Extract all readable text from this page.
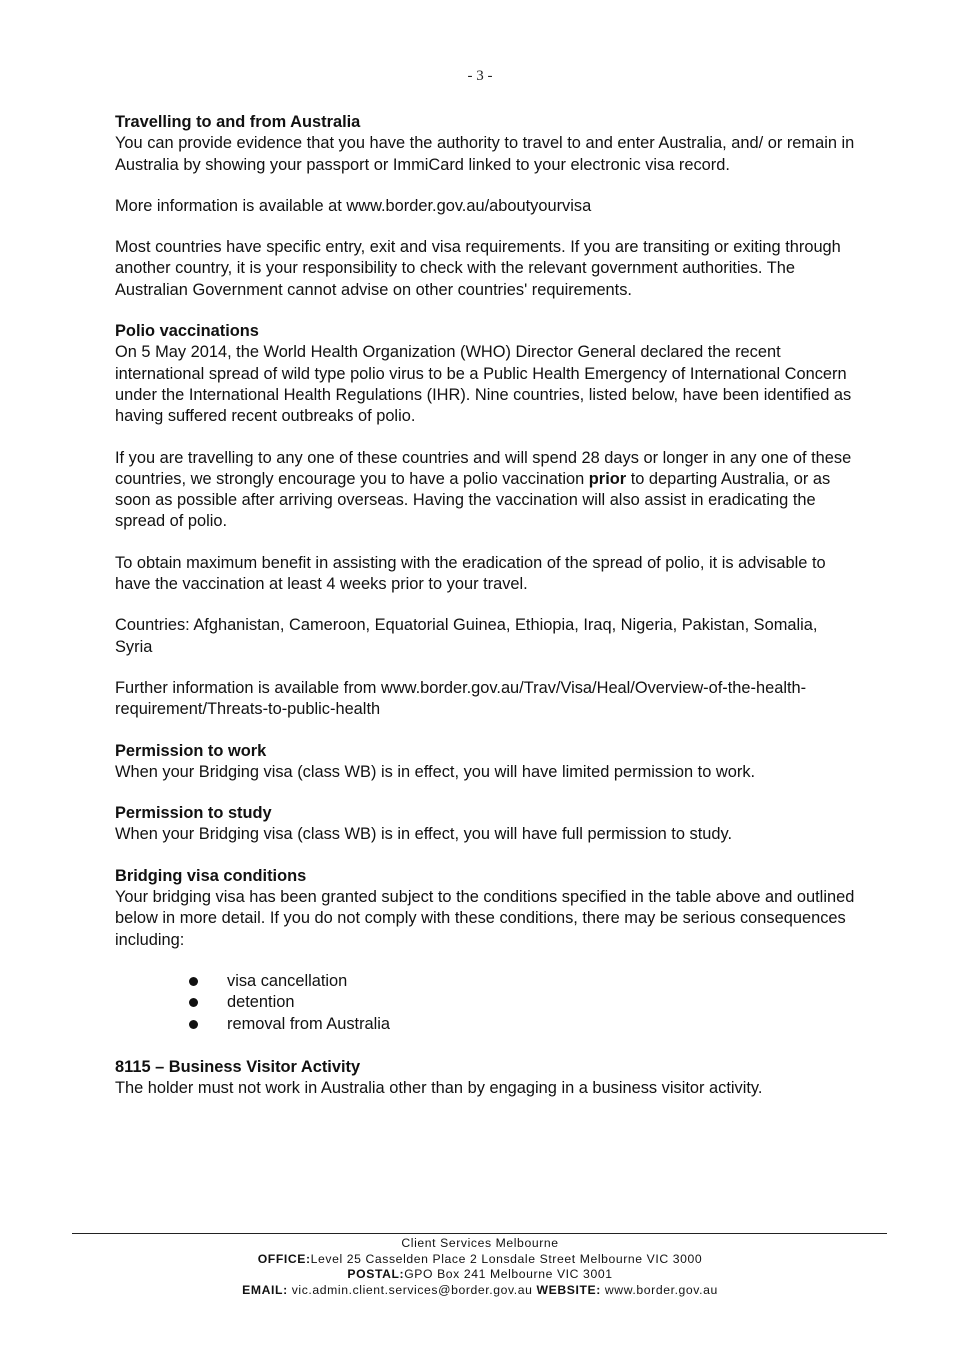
- 3 -
Travelling to and from Australia

You can provide evidence that you have the authority to travel to and enter Australia, and/ or remain in Australia by showing your passport or ImmiCard linked to your electronic visa record.

More information is available at www.border.gov.au/aboutyourvisa

Most countries have specific entry, exit and visa requirements. If you are transiting or exiting through another country, it is your responsibility to check with the relevant government authorities. The Australian Government cannot advise on other countries' requirements.

Polio vaccinations

On 5 May 2014, the World Health Organization (WHO) Director General declared the recent international spread of wild type polio virus to be a Public Health Emergency of International Concern under the International Health Regulations (IHR). Nine countries, listed below, have been identified as having suffered recent outbreaks of polio.

If you are travelling to any one of these countries and will spend 28 days or longer in any one of these countries, we strongly encourage you to have a polio vaccination prior to departing Australia, or as soon as possible after arriving overseas. Having the vaccination will also assist in eradicating the spread of polio.

To obtain maximum benefit in assisting with the eradication of the spread of polio, it is advisable to have the vaccination at least 4 weeks prior to your travel.

Countries: Afghanistan, Cameroon, Equatorial Guinea, Ethiopia, Iraq, Nigeria, Pakistan, Somalia, Syria

Further information is available from www.border.gov.au/Trav/Visa/Heal/Overview-of-the-health-requirement/Threats-to-public-health

Permission to work

When your Bridging visa (class WB) is in effect, you will have limited permission to work.

Permission to study

When your Bridging visa (class WB) is in effect, you will have full permission to study.

Bridging visa conditions

Your bridging visa has been granted subject to the conditions specified in the table above and outlined below in more detail. If you do not comply with these conditions, there may be serious consequences including:

visa cancellation
detention
removal from Australia
8115 – Business Visitor Activity

The holder must not work in Australia other than by engaging in a business visitor activity.

Client Services Melbourne
OFFICE:Level 25 Casselden Place 2 Lonsdale Street Melbourne VIC 3000
POSTAL:GPO Box 241 Melbourne VIC 3001
EMAIL: vic.admin.client.services@border.gov.au WEBSITE: www.border.gov.au
